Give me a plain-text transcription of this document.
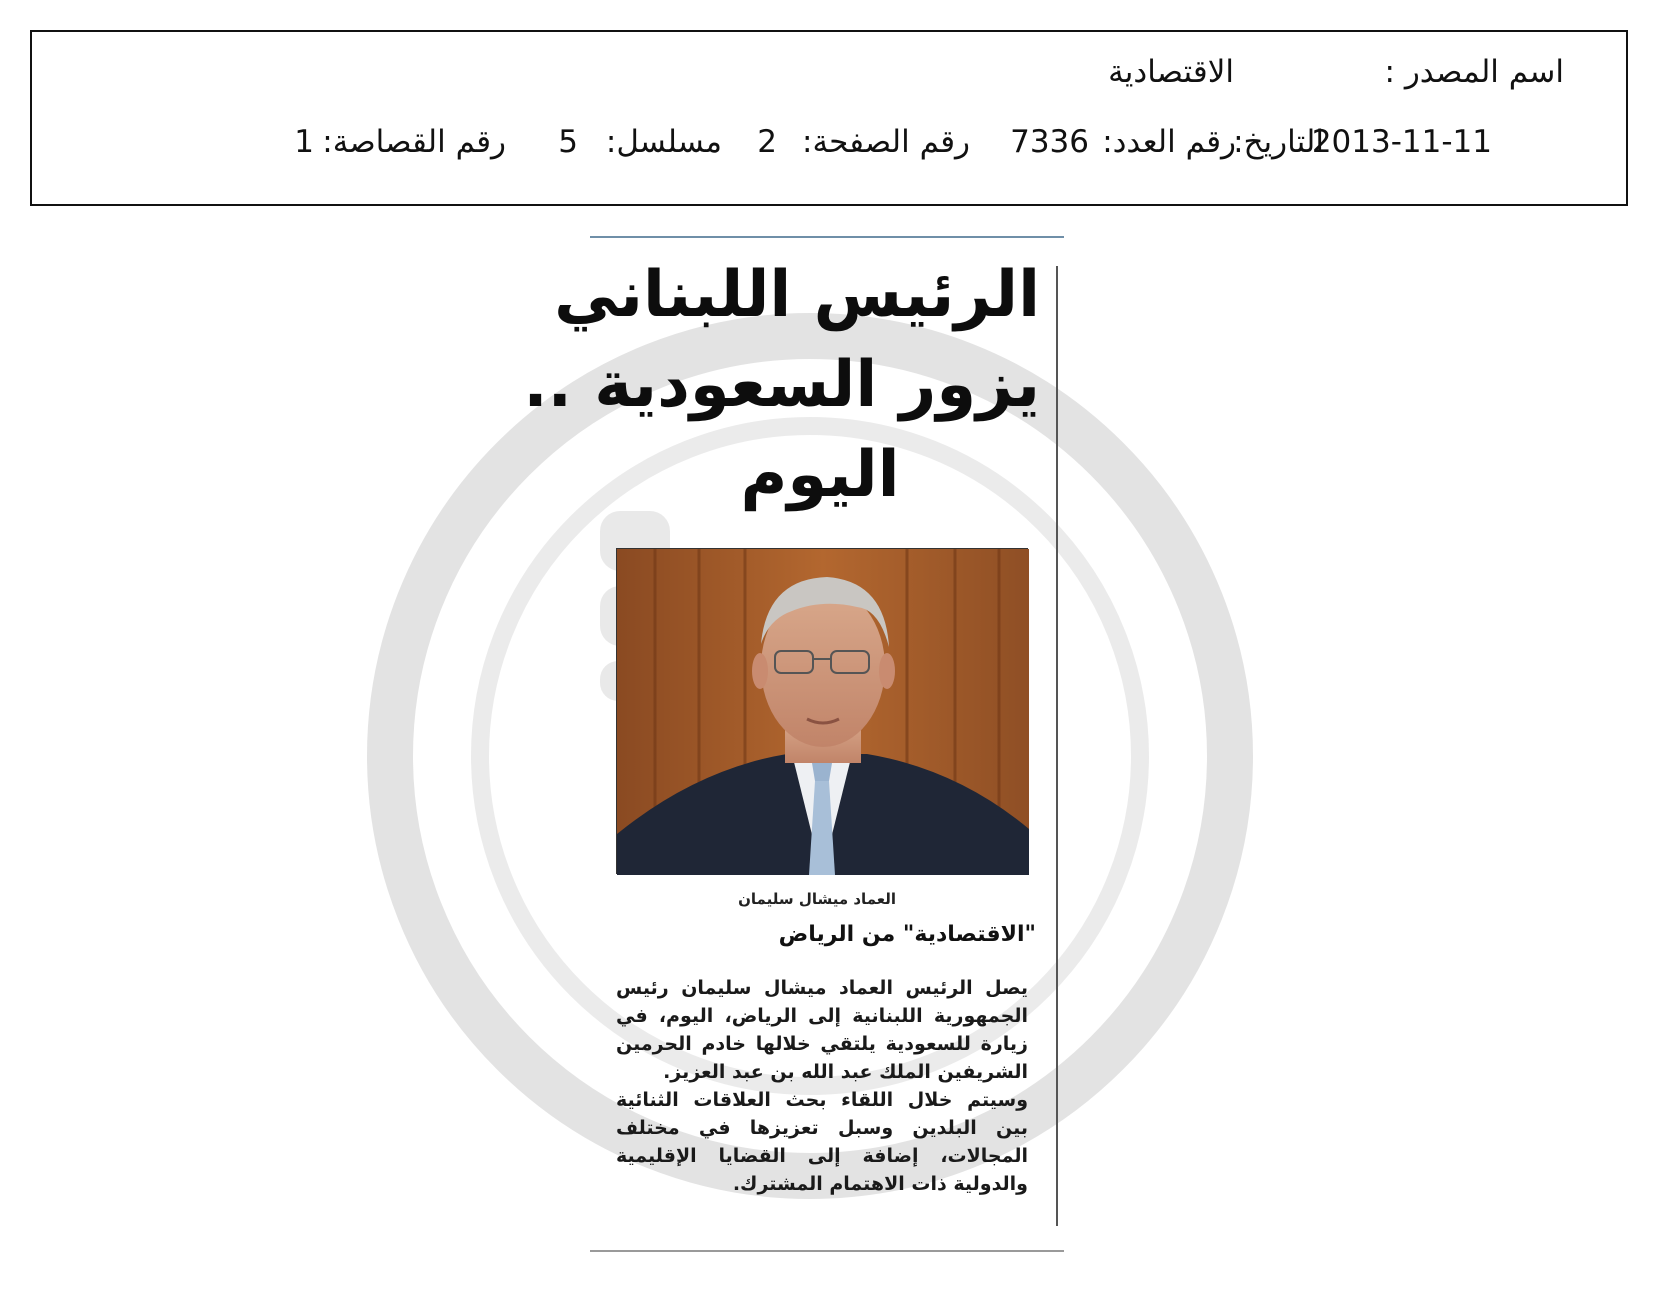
اسم المصدر :
الاقتصادية
التاريخ:
2013-11-11
رقم العدد:
7336
رقم الصفحة:
2
مسلسل:
5
رقم القصاصة:
1
الرئيس اللبناني
يزور السعودية ..
اليوم
العماد ميشال سليمان
"الاقتصادية" من الرياض
يصل الرئيس العماد ميشال سليمان رئيس
الجمهورية اللبنانية إلى الرياض، اليوم، في
زيارة للسعودية يلتقي خلالها خادم الحرمين
الشريفين الملك عبد الله بن عبد العزيز.
وسيتم خلال اللقاء بحث العلاقات الثنائية
بين البلدين وسبل تعزيزها في مختلف
المجالات، إضافة إلى القضايا الإقليمية
والدولية ذات الاهتمام المشترك.
